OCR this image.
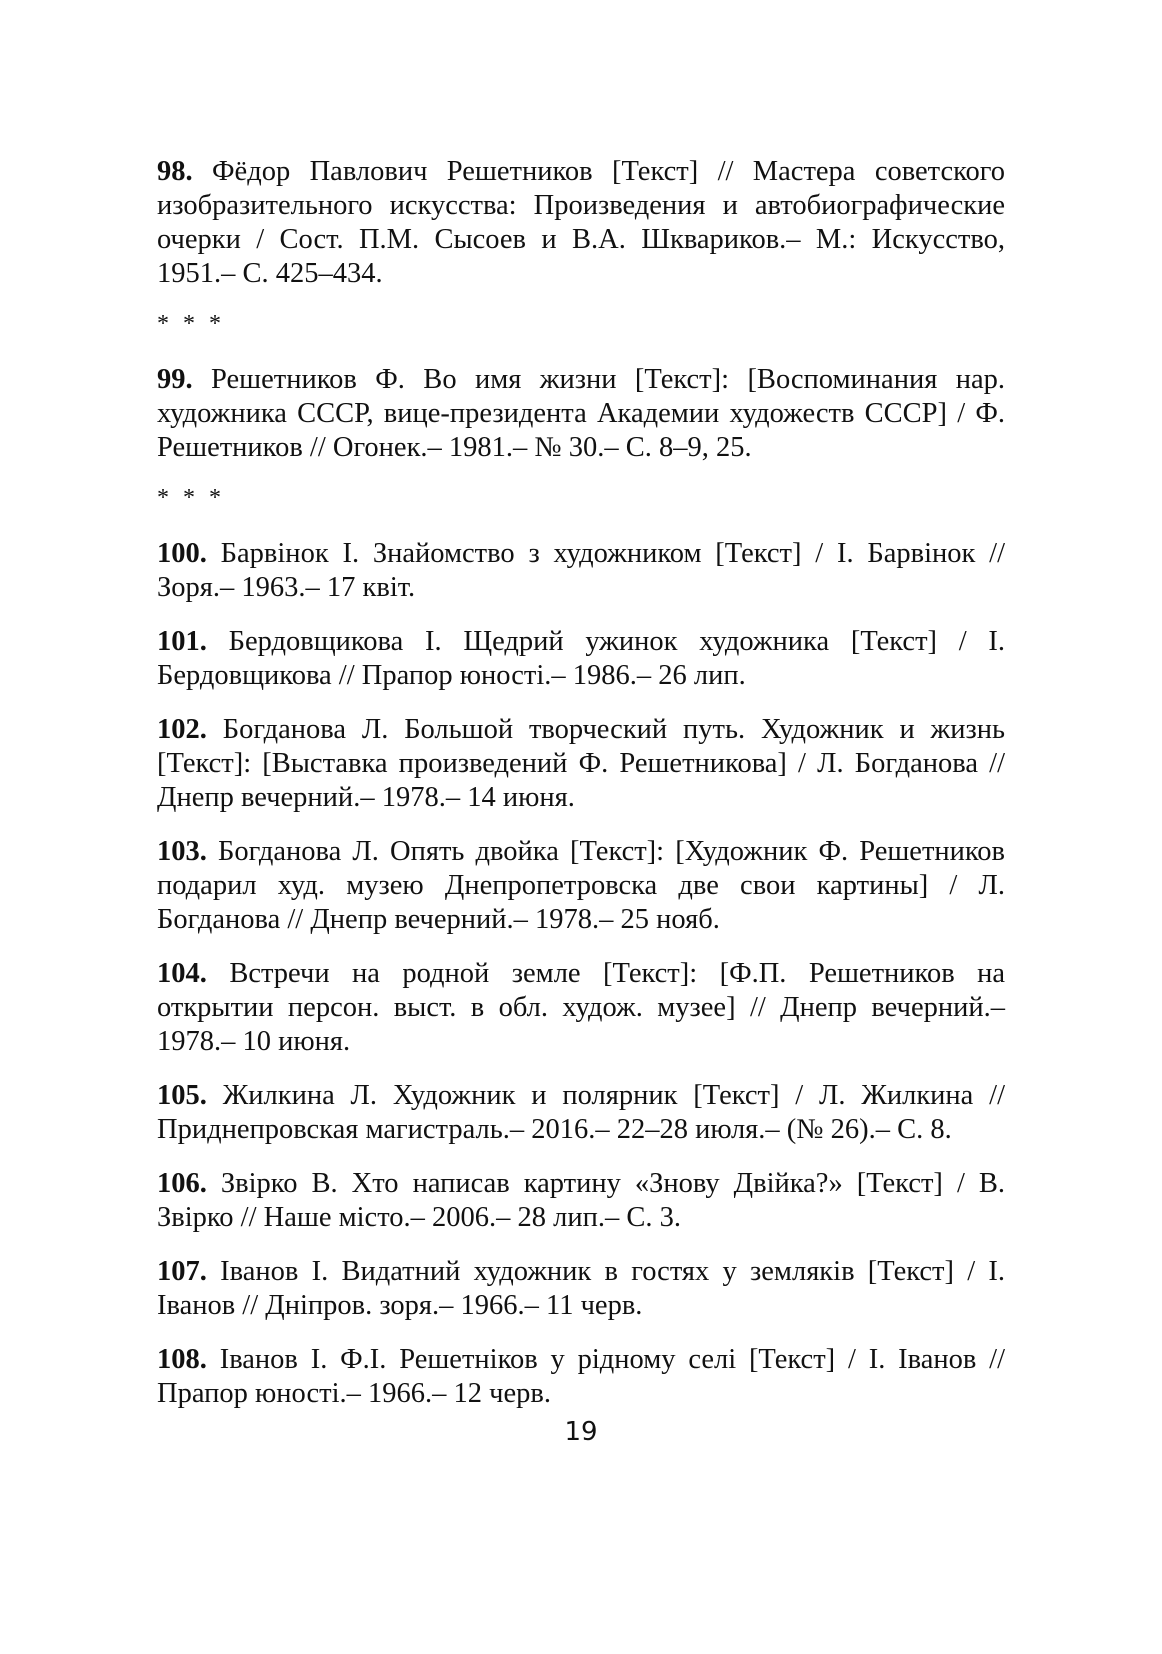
98. Фёдор Павлович Решетников [Текст] // Мастера советского изобразительного искусства: Произведения и автобиографические очерки / Сост. П.М. Сысоев и В.А. Шквариков.– М.: Искусство, 1951.– С. 425–434.

* * *

99. Решетников Ф. Во имя жизни [Текст]: [Воспоминания нар. художника СССР, вице-президента Академии художеств СССР] / Ф. Решетников // Огонек.– 1981.– № 30.– С. 8–9, 25.

* * *

100. Барвінок І. Знайомство з художником [Текст] / І. Барвінок // Зоря.– 1963.– 17 квіт.

101. Бердовщикова І. Щедрий ужинок художника [Текст] / І. Бердовщикова // Прапор юності.– 1986.– 26 лип.

102. Богданова Л. Большой творческий путь. Художник и жизнь [Текст]: [Выставка произведений Ф. Решетникова] / Л. Богданова // Днепр вечерний.– 1978.– 14 июня.

103. Богданова Л. Опять двойка [Текст]: [Художник Ф. Решетников подарил худ. музею Днепропетровска две свои картины] / Л. Богданова // Днепр вечерний.– 1978.– 25 нояб.

104. Встречи на родной земле [Текст]: [Ф.П. Решетников на открытии персон. выст. в обл. худож. музее] // Днепр вечерний.– 1978.– 10 июня.

105. Жилкина Л. Художник и полярник [Текст] / Л. Жилкина // Приднепровская магистраль.– 2016.– 22–28 июля.– (№ 26).– С. 8.

106. Звірко В. Хто написав картину «Знову Двійка?» [Текст] / В. Звірко // Наше місто.– 2006.– 28 лип.– С. 3.

107. Іванов І. Видатний художник в гостях у земляків [Текст] / І. Іванов // Дніпров. зоря.– 1966.– 11 черв.

108. Іванов І. Ф.І. Решетніков у рідному селі [Текст] / І. Іванов // Прапор юності.– 1966.– 12 черв.

19
